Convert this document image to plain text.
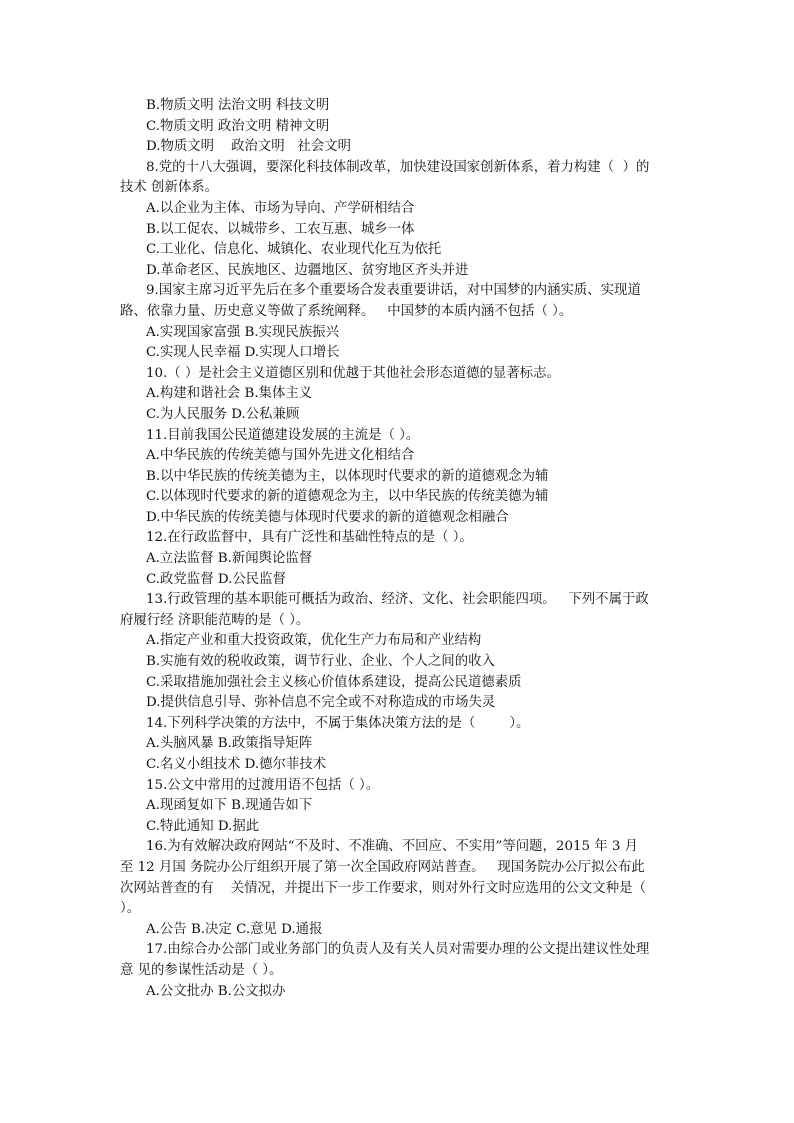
B.物质文明 法治文明 科技文明
C.物质文明 政治文明 精神文明
D.物质文明    政治文明   社会文明
8.党的十八大强调，要深化科技体制改革，加快建设国家创新体系，着力构建（  ）的
技术 创新体系。
A.以企业为主体、市场为导向、产学研相结合
B.以工促农、以城带乡、工农互惠、城乡一体
C.工业化、信息化、城镇化、农业现代化互为依托
D.革命老区、民族地区、边疆地区、贫穷地区齐头并进
9.国家主席习近平先后在多个重要场合发表重要讲话，对中国梦的内涵实质、实现道
路、依靠力量、历史意义等做了系统阐释。   中国梦的本质内涵不包括（ ）。
A.实现国家富强 B.实现民族振兴
C.实现人民幸福 D.实现人口增长
10.（ ）是社会主义道德区别和优越于其他社会形态道德的显著标志。
A.构建和谐社会 B.集体主义
C.为人民服务 D.公私兼顾
11.目前我国公民道德建设发展的主流是（ ）。
A.中华民族的传统美德与国外先进文化相结合
B.以中华民族的传统美德为主，以体现时代要求的新的道德观念为辅
C.以体现时代要求的新的道德观念为主，以中华民族的传统美德为辅
D.中华民族的传统美德与体现时代要求的新的道德观念相融合
12.在行政监督中，具有广泛性和基础性特点的是（ ）。
A.立法监督 B.新闻舆论监督
C.政党监督 D.公民监督
13.行政管理的基本职能可概括为政治、经济、文化、社会职能四项。   下列不属于政
府履行经 济职能范畴的是（ ）。
A.指定产业和重大投资政策，优化生产力布局和产业结构
B.实施有效的税收政策，调节行业、企业、个人之间的收入
C.采取措施加强社会主义核心价值体系建设，提高公民道德素质
D.提供信息引导、弥补信息不完全或不对称造成的市场失灵
14.下列科学决策的方法中，不属于集体决策方法的是（        ）。
A.头脑风暴 B.政策指导矩阵
C.名义小组技术 D.德尔菲技术
15.公文中常用的过渡用语不包括（ ）。
A.现函复如下 B.现通告如下
C.特此通知 D.据此
16.为有效解决政府网站“不及时、不准确、不回应、不实用”等问题，2015 年 3 月
至 12 月国 务院办公厅组织开展了第一次全国政府网站普查。   现国务院办公厅拟公布此
次网站普查的有    关情况，并提出下一步工作要求，则对外行文时应选用的公文文种是（
）。
A.公告 B.决定 C.意见 D.通报
17.由综合办公部门或业务部门的负责人及有关人员对需要办理的公文提出建议性处理
意 见的参谋性活动是（ ）。
A.公文批办 B.公文拟办
